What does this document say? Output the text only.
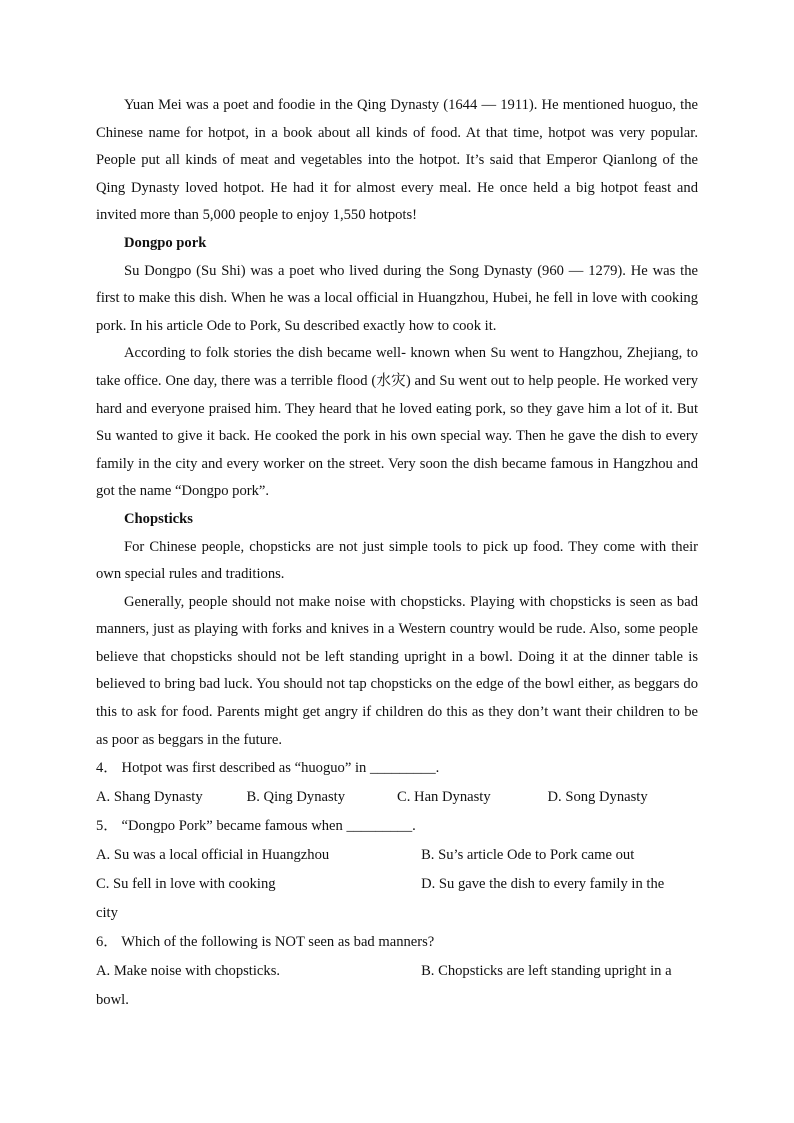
Yuan Mei was a poet and foodie in the Qing Dynasty (1644 — 1911). He mentioned huoguo, the Chinese name for hotpot, in a book about all kinds of food. At that time, hotpot was very popular. People put all kinds of meat and vegetables into the hotpot. It’s said that Emperor Qianlong of the Qing Dynasty loved hotpot. He had it for almost every meal. He once held a big hotpot feast and invited more than 5,000 people to enjoy 1,550 hotpots!

Dongpo pork

Su Dongpo (Su Shi) was a poet who lived during the Song Dynasty (960 — 1279). He was the first to make this dish. When he was a local official in Huangzhou, Hubei, he fell in love with cooking pork. In his article Ode to Pork, Su described exactly how to cook it.

According to folk stories the dish became well- known when Su went to Hangzhou, Zhejiang, to take office. One day, there was a terrible flood (水灾) and Su went out to help people. He worked very hard and everyone praised him. They heard that he loved eating pork, so they gave him a lot of it. But Su wanted to give it back. He cooked the pork in his own special way. Then he gave the dish to every family in the city and every worker on the street. Very soon the dish became famous in Hangzhou and got the name “Dongpo pork”.

Chopsticks

For Chinese people, chopsticks are not just simple tools to pick up food. They come with their own special rules and traditions.

Generally, people should not make noise with chopsticks. Playing with chopsticks is seen as bad manners, just as playing with forks and knives in a Western country would be rude. Also, some people believe that chopsticks should not be left standing upright in a bowl. Doing it at the dinner table is believed to bring bad luck. You should not tap chopsticks on the edge of the bowl either, as beggars do this to ask for food. Parents might get angry if children do this as they don’t want their children to be as poor as beggars in the future.

4． Hotpot was first described as “huoguo” in _________.

A. Shang Dynasty	B. Qing Dynasty	C. Han Dynasty	D. Song Dynasty

5． “Dongpo Pork” became famous when _________.

A. Su was a local official in Huangzhou	B. Su’s article Ode to Pork came out
C. Su fell in love with cooking	D. Su gave the dish to every family in the

city

6． Which of the following is NOT seen as bad manners?

A. Make noise with chopsticks.	B. Chopsticks are left standing upright in a

bowl.
